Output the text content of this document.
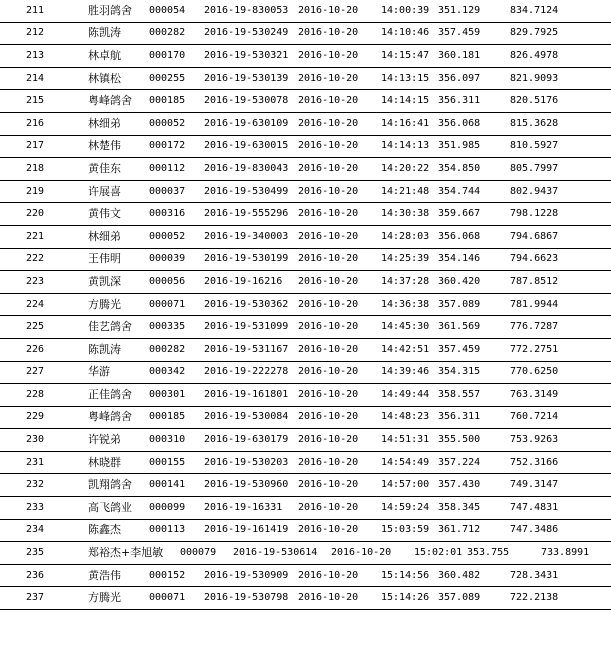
211	胜羽鸽舍 000054 2016-19-830053 2016-10-20 14:00:39 351.129	834.7124
212	陈凯涛	000282 2016-19-530249 2016-10-20 14:10:46 357.459	829.7925
213	林卓航	000170 2016-19-530321 2016-10-20 14:15:47 360.181	826.4978
214	林镇松	000255 2016-19-530139 2016-10-20 14:13:15 356.097	821.9093
215	粤峰鸽舍 000185 2016-19-530078 2016-10-20 14:14:15 356.311	820.5176
216	林细弟	000052 2016-19-630109 2016-10-20 14:16:41 356.068	815.3628
217	林楚伟	000172 2016-19-630015 2016-10-20 14:14:13 351.985	810.5927
218	黄佳东	000112 2016-19-830043 2016-10-20 14:20:22 354.850	805.7997
219	许展喜	000037 2016-19-530499 2016-10-20 14:21:48 354.744	802.9437
220	黄伟文	000316 2016-19-555296 2016-10-20 14:30:38 359.667	798.1228
221	林细弟	000052 2016-19-340003 2016-10-20 14:28:03 356.068	794.6867
222	王伟明	000039 2016-19-530199 2016-10-20 14:25:39 354.146	794.6623
223	黄凯深	000056 2016-19-16216 2016-10-20 14:37:28 360.420	787.8512
224	方腾光	000071 2016-19-530362 2016-10-20 14:36:38 357.089	781.9944
225	佳艺鸽舍 000335 2016-19-531099 2016-10-20 14:45:30 361.569	776.7287
226	陈凯涛	000282 2016-19-531167 2016-10-20 14:42:51 357.459	772.2751
227	华游	000342 2016-19-222278 2016-10-20 14:39:46 354.315	770.6250
228	正佳鸽舍 000301 2016-19-161801 2016-10-20 14:49:44 358.557	763.3149
229	粤峰鸽舍 000185 2016-19-530084 2016-10-20 14:48:23 356.311	760.7214
230	许锐弟	000310 2016-19-630179 2016-10-20 14:51:31 355.500	753.9263
231	林晓群	000155 2016-19-530203 2016-10-20 14:54:49 357.224	752.3166
232	凯翔鸽舍 000141 2016-19-530960 2016-10-20 14:57:00 357.430	749.3147
233	高飞鸽业 000099 2016-19-16331 2016-10-20 14:59:24 358.345	747.4831
234	陈鑫杰	000113 2016-19-161419 2016-10-20 15:03:59 361.712	747.3486
235	郑裕杰+李旭敏 000079 2016-19-530614 2016-10-20 15:02:01 353.755	733.8991
236	黄浩伟	000152 2016-19-530909 2016-10-20 15:14:56 360.482	728.3431
237	方腾光	000071 2016-19-530798 2016-10-20 15:14:26 357.089	722.2138
